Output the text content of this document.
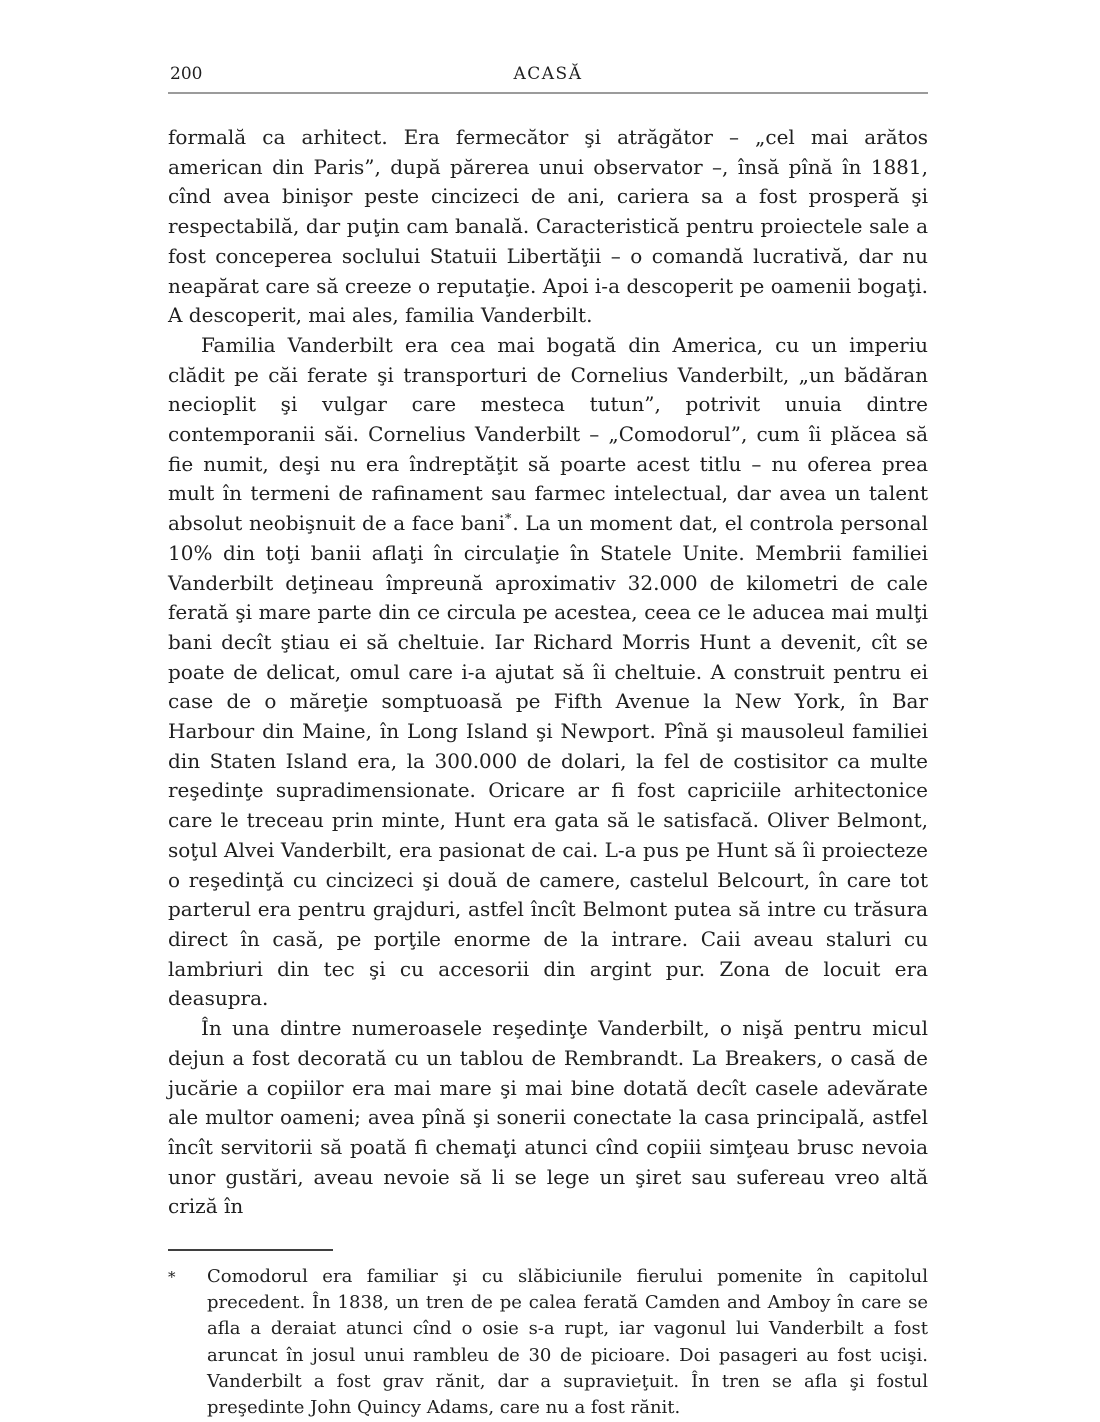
200	ACASĂ

formală ca arhitect. Era fermecător şi atrăgător – „cel mai arătos american din Paris”, după părerea unui observator –, însă pînă în 1881, cînd avea binişor peste cincizeci de ani, cariera sa a fost prosperă şi respectabilă, dar puţin cam banală. Caracteristică pentru proiectele sale a fost conceperea soclului Statuii Libertăţii – o comandă lucrativă, dar nu neapărat care să creeze o reputaţie. Apoi i-a descoperit pe oamenii bogaţi. A descoperit, mai ales, familia Vanderbilt.

Familia Vanderbilt era cea mai bogată din America, cu un imperiu clădit pe căi ferate şi transporturi de Cornelius Vanderbilt, „un bădăran necioplit şi vulgar care mesteca tutun”, potrivit unuia dintre contemporanii săi. Cornelius Vanderbilt – „Comodorul”, cum îi plăcea să fie numit, deşi nu era îndreptăţit să poarte acest titlu – nu oferea prea mult în termeni de rafinament sau farmec intelectual, dar avea un talent absolut neobişnuit de a face bani*. La un moment dat, el controla personal 10% din toţi banii aflaţi în circulaţie în Statele Unite. Membrii familiei Vanderbilt deţineau împreună aproximativ 32.000 de kilometri de cale ferată şi mare parte din ce circula pe acestea, ceea ce le aducea mai mulţi bani decît ştiau ei să cheltuie. Iar Richard Morris Hunt a devenit, cît se poate de delicat, omul care i-a ajutat să îi cheltuie. A construit pentru ei case de o măreţie somptuoasă pe Fifth Avenue la New York, în Bar Harbour din Maine, în Long Island şi Newport. Pînă şi mausoleul familiei din Staten Island era, la 300.000 de dolari, la fel de costisitor ca multe reşedinţe supradimensionate. Oricare ar fi fost capriciile arhitectonice care le treceau prin minte, Hunt era gata să le satisfacă. Oliver Belmont, soţul Alvei Vanderbilt, era pasionat de cai. L-a pus pe Hunt să îi proiecteze o reşedinţă cu cincizeci şi două de camere, castelul Belcourt, în care tot parterul era pentru grajduri, astfel încît Belmont putea să intre cu trăsura direct în casă, pe porţile enorme de la intrare. Caii aveau staluri cu lambriuri din tec şi cu accesorii din argint pur. Zona de locuit era deasupra.

În una dintre numeroasele reşedinţe Vanderbilt, o nişă pentru micul dejun a fost decorată cu un tablou de Rembrandt. La Breakers, o casă de jucărie a copiilor era mai mare şi mai bine dotată decît casele adevărate ale multor oameni; avea pînă şi sonerii conectate la casa principală, astfel încît servitorii să poată fi chemaţi atunci cînd copiii simţeau brusc nevoia unor gustări, aveau nevoie să li se lege un şiret sau sufereau vreo altă criză în

*	Comodorul era familiar şi cu slăbiciunile fierului pomenite în capitolul precedent. În 1838, un tren de pe calea ferată Camden and Amboy în care se afla a deraiat atunci cînd o osie s-a rupt, iar vagonul lui Vanderbilt a fost aruncat în josul unui rambleu de 30 de picioare. Doi pasageri au fost ucişi. Vanderbilt a fost grav rănit, dar a supravieţuit. În tren se afla şi fostul preşedinte John Quincy Adams, care nu a fost rănit.
